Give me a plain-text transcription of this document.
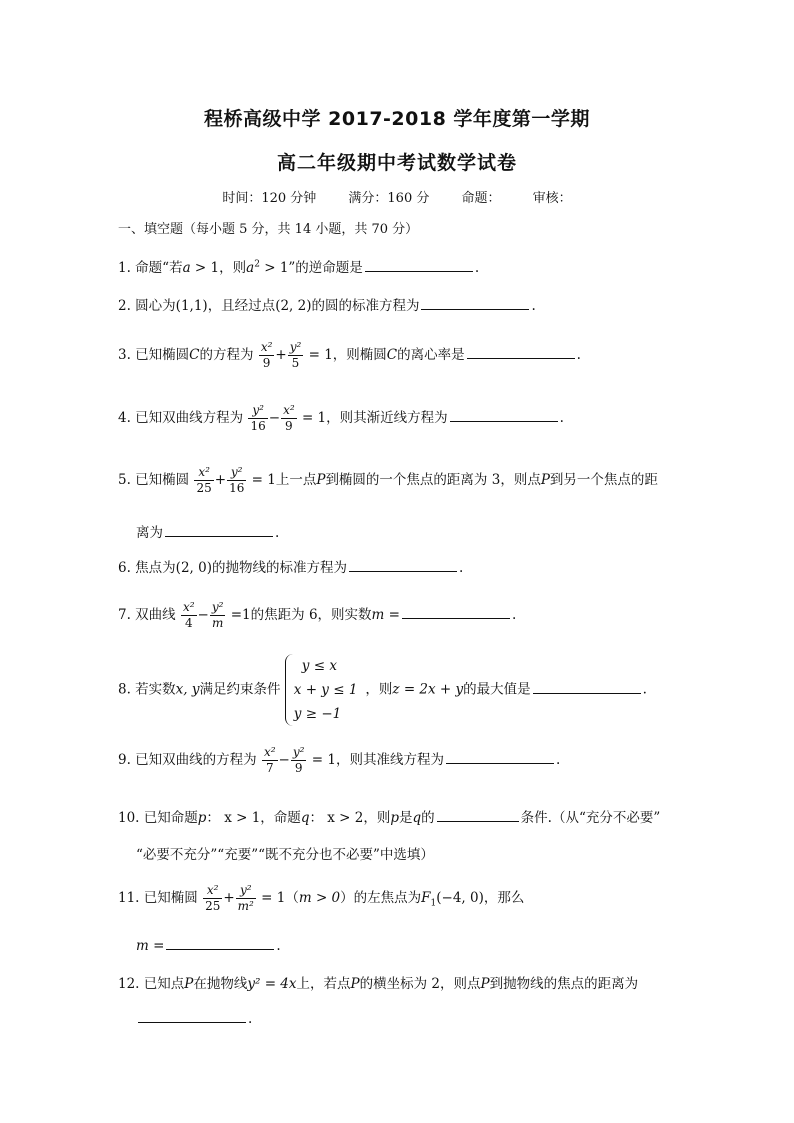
程桥高级中学 2017-2018 学年度第一学期
高二年级期中考试数学试卷
时间：120 分钟 满分：160 分 命题： 审核：
一、填空题（每小题 5 分，共 14 小题，共 70 分）
1. 命题“若a > 1，则$a^2 > 1$”的逆命题是	.
2. 圆心为(1,1)，且经过点(2, 2)的圆的标准方程为	.
3. 已知椭圆C的方程为 $\frac{\text{x²}}{9} + \frac{\text{y²}}{5} = 1$，则椭圆C的离心率是	.
4. 已知双曲线方程为 $\frac{\text{y²}}{16} - \frac{\text{x²}}{9} = 1$，则其渐近线方程为	.
5. 已知椭圆 $\frac{\text{x²}}{25} + \frac{\text{y²}}{16} = 1$上一点P到椭圆的一个焦点的距离为 3，则点P到另一个焦点的距
离为	.
6. 焦点为(2, 0)的抛物线的标准方程为	.
7. 双曲线 $\frac{\text{x²}}{4} - \frac{\text{y²}}{m} =1$的焦距为 6，则实数m =	.
8. 若实数x, y满足约束条件
y ≤ x
x + y ≤ 1
y ≥ −1
，则z = 2x + y的最大值是	.
9. 已知双曲线的方程为 $\frac{\text{x²}}{7} - \frac{\text{y²}}{9} = 1$，则其准线方程为	.
10. 已知命题p： x > 1，命题q： x > 2，则p是q的	条件.（从“充分不必要”
“必要不充分”“充要”“既不充分也不必要”中选填）
11. 已知椭圆 $\frac{\text{x²}}{25} + \frac{\text{y²}}{\text{m²}} = 1(m > 0)$的左焦点为$F_1(-4$, 0)，那么
m =	.
12. 已知点P在抛物线y² = 4x上，若点P的横坐标为 2，则点P到抛物线的焦点的距离为
.
